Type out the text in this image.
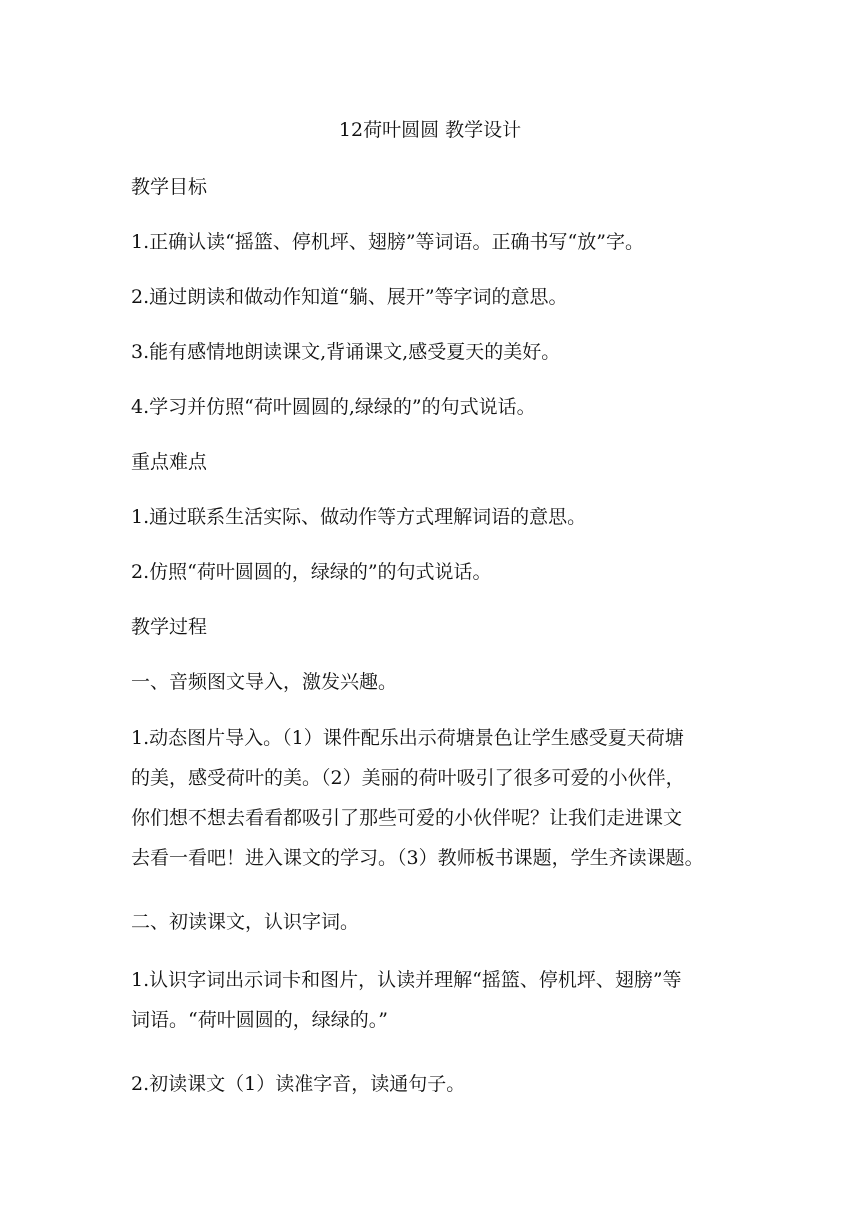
12荷叶圆圆 教学设计
教学目标
1.正确认读“摇篮、停机坪、翅膀”等词语。正确书写“放”字。
2.通过朗读和做动作知道“躺、展开”等字词的意思。
3.能有感情地朗读课文,背诵课文,感受夏天的美好。
4.学习并仿照“荷叶圆圆的,绿绿的”的句式说话。
重点难点
1.通过联系生活实际、做动作等方式理解词语的意思。
2.仿照“荷叶圆圆的，绿绿的”的句式说话。
教学过程
一、音频图文导入，激发兴趣。
1.动态图片导入。（1）课件配乐出示荷塘景色让学生感受夏天荷塘
的美，感受荷叶的美。（2）美丽的荷叶吸引了很多可爱的小伙伴，
你们想不想去看看都吸引了那些可爱的小伙伴呢？让我们走进课文
去看一看吧！进入课文的学习。（3）教师板书课题，学生齐读课题。
二、初读课文，认识字词。
1.认识字词出示词卡和图片，认读并理解“摇篮、停机坪、翅膀”等
词语。“荷叶圆圆的，绿绿的。”
2.初读课文（1）读准字音，读通句子。
